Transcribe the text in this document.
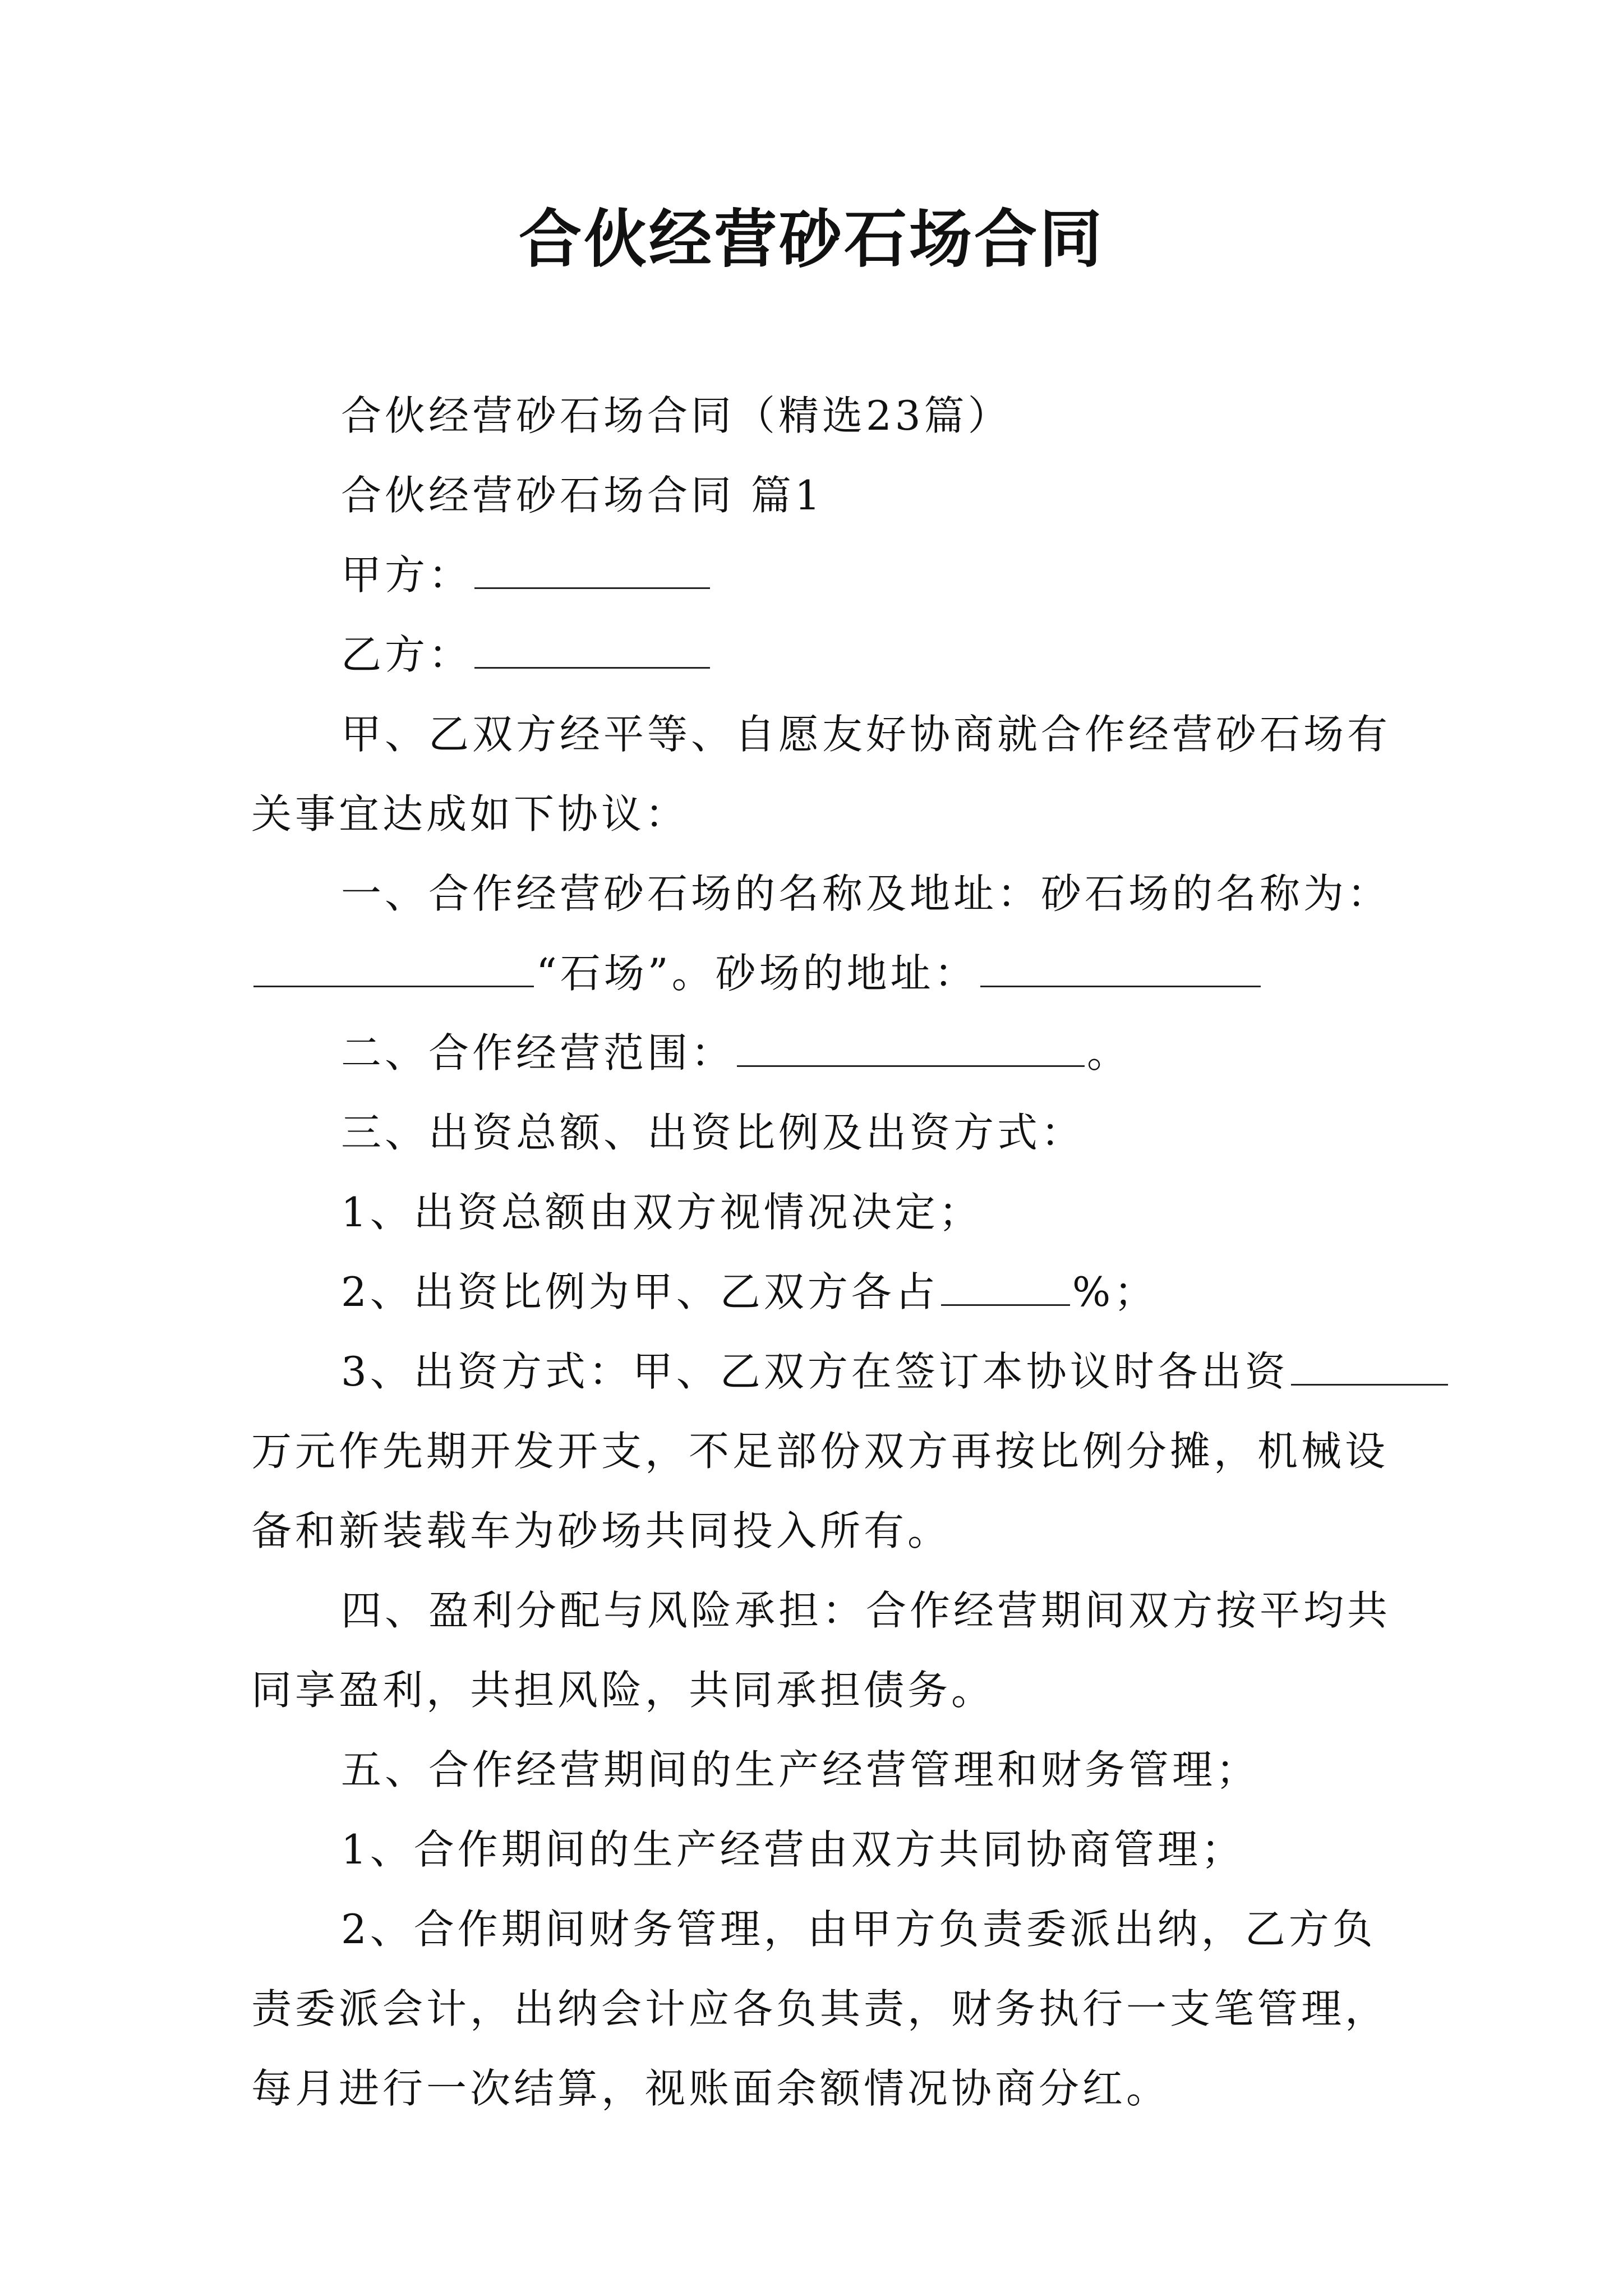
合伙经营砂石场合同
合伙经营砂石场合同（精选23篇）
合伙经营砂石场合同 篇1
甲方：
乙方：
甲、乙双方经平等、自愿友好协商就合作经营砂石场有
关事宜达成如下协议：
一、合作经营砂石场的名称及地址：砂石场的名称为：
“石场”。砂场的地址：
二、合作经营范围：	。
三、出资总额、出资比例及出资方式：
1、出资总额由双方视情况决定；
2、出资比例为甲、乙双方各占	%；
3、出资方式：甲、乙双方在签订本协议时各出资
万元作先期开发开支，不足部份双方再按比例分摊，机械设
备和新装载车为砂场共同投入所有。
四、盈利分配与风险承担：合作经营期间双方按平均共
同享盈利，共担风险，共同承担债务。
五、合作经营期间的生产经营管理和财务管理；
1、合作期间的生产经营由双方共同协商管理；
2、合作期间财务管理，由甲方负责委派出纳，乙方负
责委派会计，出纳会计应各负其责，财务执行一支笔管理，
每月进行一次结算，视账面余额情况协商分红。
